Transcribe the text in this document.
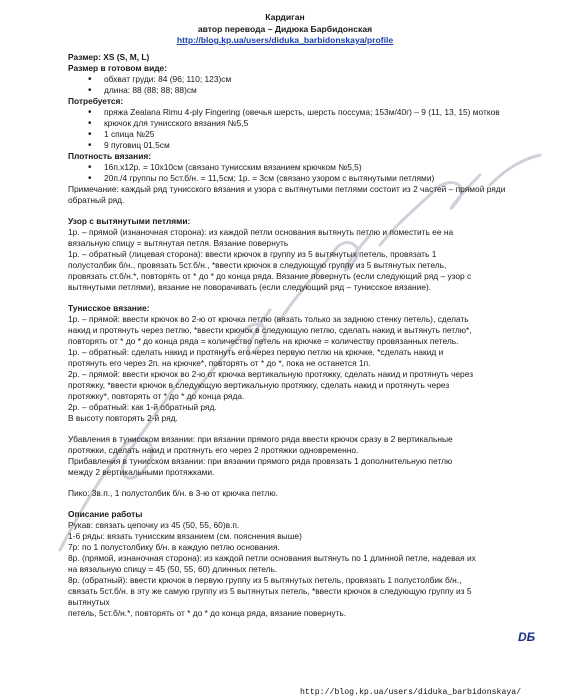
Кардиган
автор перевода – Дидюка Барбидонская
http://blog.kp.ua/users/diduka_barbidonskaya/profile
Размер: XS (S, M, L)
Размер в готовом виде:
• обхват груди: 84 (96; 110; 123)см
• длина: 88 (88; 88; 88)см
Потребуется:
• пряжа Zealana Rimu 4-ply Fingering (овечья шерсть, шерсть поссума; 153м/40г) – 9 (11, 13, 15) мотков
• крючок для тунисского вязания №5,5
• 1 спица №25
• 9 пуговиц 01,5см
Плотность вязания:
• 16п.x12р. = 10x10см (связано тунисским вязанием крючком №5,5)
• 20п./4 группы по 5ст.б/н. = 11,5см; 1р. = 3см (связано узором с вытянутыми петлями)
Примечание: каждый ряд тунисского вязания и узора с вытянутыми петлями состоит из 2 частей – прямой ряди обратный ряд.
Узор с вытянутыми петлями:
1р. – прямой (изнаночная сторона): из каждой петли основания вытянуть петлю и поместить ее на
вязальную спицу = вытянутая петля. Вязание повернуть
1р. – обратный (лицевая сторона): ввести крючок в группу из 5 вытянутых петель, провязать 1
полустолбик б/н., провязать 5ст.б/н., *ввести крючок в следующую группу из 5 вытянутых петель,
провязать ст.б/н.*, повторять от * до * до конца ряда. Вязание повернуть (если следующий ряд – узор с
вытянутыми петлями), вязание не поворачивать (если следующий ряд – тунисское вязание).
Тунисское вязание:
1р. – прямой: ввести крючок во 2-ю от крючка петлю (вязать только за заднюю стенку петель), сделать
накид и протянуть через петлю, *ввести крючок в следующую петлю, сделать накид и вытянуть петлю*,
повторять от * до * до конца ряда = количество петель на крючке = количеству провязанных петель.
1р. – обратный: сделать накид и протянуть его через первую петлю на крючке, *сделать накид и
протянуть его через 2п. на крючке*, повторять от * до *, пока не останется 1п.
2р. – прямой: ввести крючок во 2-ю от крючка вертикальную протяжку, сделать накид и протянуть через
протяжку, *ввести крючок в следующую вертикальную протяжку, сделать накид и протянуть через
протяжку*, повторять от * до * до конца ряда.
2р. – обратный: как 1-й обратный ряд.
В высоту повторять 2-й ряд.
Убавления в тунисском вязании: при вязании прямого ряда ввести крючок сразу в 2 вертикальные
протяжки, сделать накид и протянуть его через 2 протяжки одновременно.
Прибавления в тунисском вязании: при вязании прямого ряда провязать 1 дополнительную петлю
между 2 вертикальными протяжками.
Пико: 3в.п., 1 полустолбик б/н. в 3-ю от крючка петлю.
Описание работы
Рукав: связать цепочку из 45 (50, 55, 60)в.п.
1-6 ряды: вязать тунисским вязанием (см. пояснения выше)
7р: по 1 полустолбику б/н. в каждую петлю основания.
8р. (прямой, изнаночная сторона): из каждой петли основания вытянуть по 1 длинной петле, надевая их
на вязальную спицу = 45 (50, 55, 60) длинных петель.
8р. (обратный): ввести крючок в первую группу из 5 вытянутых петель, провязать 1 полустолбик б/н.,
связать 5ст.б/н. в эту же самую группу из 5 вытянутых петель, *ввести крючок в следующую группу из 5 вытянутых
петель, 5ст.б/н.*, повторять от * до * до конца ряда, вязание повернуть.
DБ
http://blog.kp.ua/users/diduka_barbidonskaya/
